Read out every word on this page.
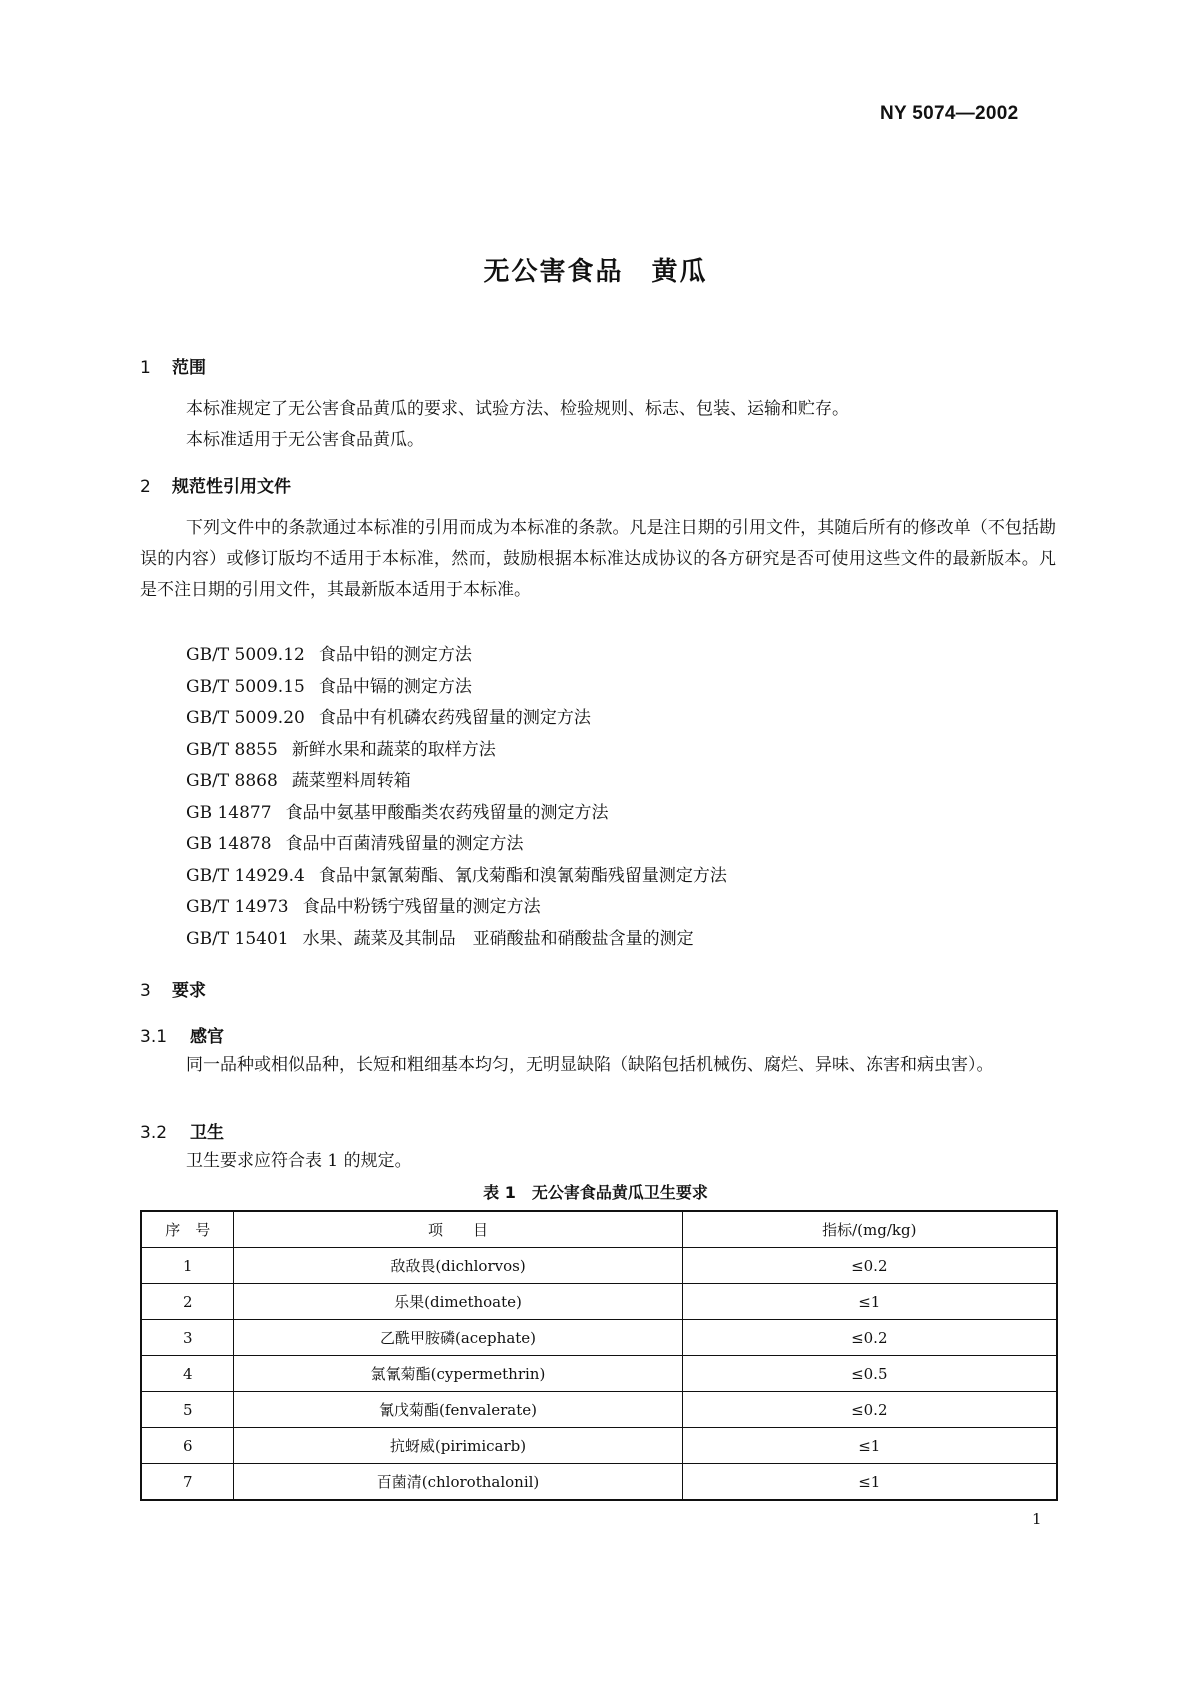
NY 5074—2002
无公害食品　黄瓜
1 范围

本标准规定了无公害食品黄瓜的要求、试验方法、检验规则、标志、包装、运输和贮存。

本标准适用于无公害食品黄瓜。

2 规范性引用文件

下列文件中的条款通过本标准的引用而成为本标准的条款。凡是注日期的引用文件，其随后所有的修改单（不包括勘误的内容）或修订版均不适用于本标准，然而，鼓励根据本标准达成协议的各方研究是否可使用这些文件的最新版本。凡是不注日期的引用文件，其最新版本适用于本标准。

GB/T 5009.12 食品中铅的测定方法
GB/T 5009.15 食品中镉的测定方法
GB/T 5009.20 食品中有机磷农药残留量的测定方法
GB/T 8855 新鲜水果和蔬菜的取样方法
GB/T 8868 蔬菜塑料周转箱
GB 14877 食品中氨基甲酸酯类农药残留量的测定方法
GB 14878 食品中百菌清残留量的测定方法
GB/T 14929.4 食品中氯氰菊酯、氰戊菊酯和溴氰菊酯残留量测定方法
GB/T 14973 食品中粉锈宁残留量的测定方法
GB/T 15401 水果、蔬菜及其制品　亚硝酸盐和硝酸盐含量的测定
3 要求
3.1 感官

同一品种或相似品种，长短和粗细基本均匀，无明显缺陷（缺陷包括机械伤、腐烂、异味、冻害和病虫害）。

3.2 卫生

卫生要求应符合表 1 的规定。

表 1　无公害食品黄瓜卫生要求
序　号	项　　目	指标/(mg/kg)
1	敌敌畏(dichlorvos)	≤0.2
2	乐果(dimethoate)	≤1
3	乙酰甲胺磷(acephate)	≤0.2
4	氯氰菊酯(cypermethrin)	≤0.5
5	氰戊菊酯(fenvalerate)	≤0.2
6	抗蚜威(pirimicarb)	≤1
7	百菌清(chlorothalonil)	≤1
1
